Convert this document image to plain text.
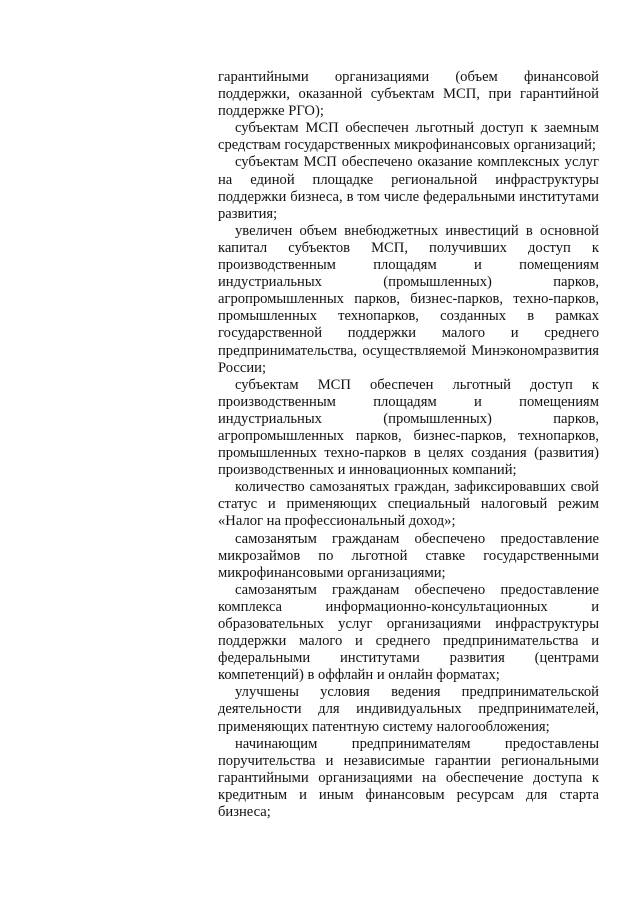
гарантийными организациями (объем финансовой поддержки, оказанной субъектам МСП, при гарантийной поддержке РГО);

субъектам МСП обеспечен льготный доступ к заемным средствам государственных микрофинансовых организаций;

субъектам МСП обеспечено оказание комплексных услуг на единой площадке региональной инфраструктуры поддержки бизнеса, в том числе федеральными институтами развития;

увеличен объем внебюджетных инвестиций в основной капитал субъектов МСП, получивших доступ к производственным площадям и помещениям индустриальных (промышленных) парков, агропромышленных парков, бизнес-парков, техно-парков, промышленных технопарков, созданных в рамках государственной поддержки малого и среднего предпринимательства, осуществляемой Минэкономразвития России;

субъектам МСП обеспечен льготный доступ к производственным площадям и помещениям индустриальных (промышленных) парков, агропромышленных парков, бизнес-парков, технопарков, промышленных техно-парков в целях создания (развития) производственных и инновационных компаний;

количество самозанятых граждан, зафиксировавших свой статус и применяющих специальный налоговый режим «Налог на профессиональный доход»;

самозанятым гражданам обеспечено предоставление микрозаймов по льготной ставке государственными микрофинансовыми организациями;

самозанятым гражданам обеспечено предоставление комплекса информационно-консультационных и образовательных услуг организациями инфраструктуры поддержки малого и среднего предпринимательства и федеральными институтами развития (центрами компетенций) в оффлайн и онлайн форматах;

улучшены условия ведения предпринимательской деятельности для индивидуальных предпринимателей, применяющих патентную систему налогообложения;

начинающим предпринимателям предоставлены поручительства и независимые гарантии региональными гарантийными организациями на обеспечение доступа к кредитным и иным финансовым ресурсам для старта бизнеса;
